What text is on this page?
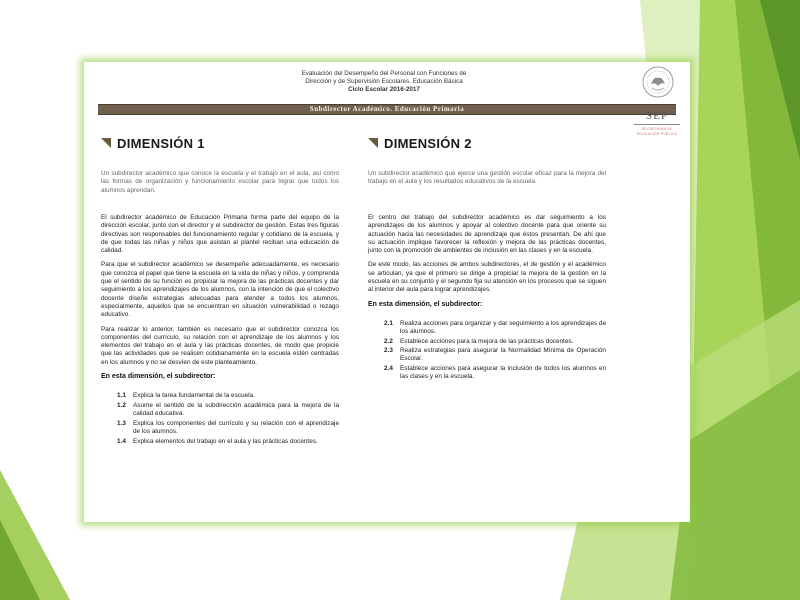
Evaluación del Desempeño del Personal con Funciones de
Dirección y de Supervisión Escolares. Educación Básica
Ciclo Escolar 2016-2017
Subdirector Académico. Educación Primaria
DIMENSIÓN 1
Un subdirector académico que conoce la escuela y el trabajo en el aula, así como las formas de organización y funcionamiento escolar para lograr que todos los alumnos aprendan.
El subdirector académico de Educación Primaria forma parte del equipo de la dirección escolar, junto con el director y el subdirector de gestión. Estas tres figuras directivas son responsables del funcionamiento regular y cotidiano de la escuela, y de que todas las niñas y niños que asistan al plantel reciban una educación de calidad.
Para que el subdirector académico se desempeñe adecuadamente, es necesario que conozca el papel que tiene la escuela en la vida de niñas y niños, y comprenda que el sentido de su función es propiciar la mejora de las prácticas docentes y dar seguimiento a los aprendizajes de los alumnos, con la intención de que el colectivo docente diseñe estrategias adecuadas para atender a todos los alumnos, especialmente, aquellos que se encuentran en situación vulnerabilidad o rezago educativo.
Para realizar lo anterior, también es necesario que el subdirector conozca los componentes del currículo, su relación con el aprendizaje de los alumnos y los elementos del trabajo en el aula y las prácticas docentes, de modo que propicie que las actividades que se realicen cotidianamente en la escuela estén centradas en los alumnos y no se desvíen de este planteamiento.
En esta dimensión, el subdirector:
1.1	Explica la tarea fundamental de la escuela.
1.2	Asume el sentido de la subdirección académica para la mejora de la calidad educativa.
1.3	Explica los componentes del currículo y su relación con el aprendizaje de los alumnos.
1.4	Explica elementos del trabajo en el aula y las prácticas docentes.
DIMENSIÓN 2
Un subdirector académico que ejerce una gestión escolar eficaz para la mejora del trabajo en el aula y los resultados educativos de la escuela.
El centro del trabajo del subdirector académico es dar seguimiento a los aprendizajes de los alumnos y apoyar al colectivo docente para que oriente su actuación hacia las necesidades de aprendizaje que éstos presentan. De ahí que su actuación implique favorecer la reflexión y mejora de las prácticas docentes, junto con la promoción de ambientes de inclusión en las clases y en la escuela.
De este modo, las acciones de ambos subdirectores, el de gestión y el académico se articulan, ya que el primero se dirige a propiciar la mejora de la gestión en la escuela en su conjunto y el segundo fija su atención en los procesos que se siguen al interior del aula para lograr aprendizajes.
En esta dimensión, el subdirector:
2.1	Realiza acciones para organizar y dar seguimiento a los aprendizajes de los alumnos.
2.2	Establece acciones para la mejora de las prácticas docentes.
2.3	Realiza estrategias para asegurar la Normalidad Mínima de Operación Escolar.
2.4	Establece acciones para asegurar la inclusión de todos los alumnos en las clases y en la escuela.
SEP
SECRETARÍA DE
EDUCACIÓN PÚBLICA
